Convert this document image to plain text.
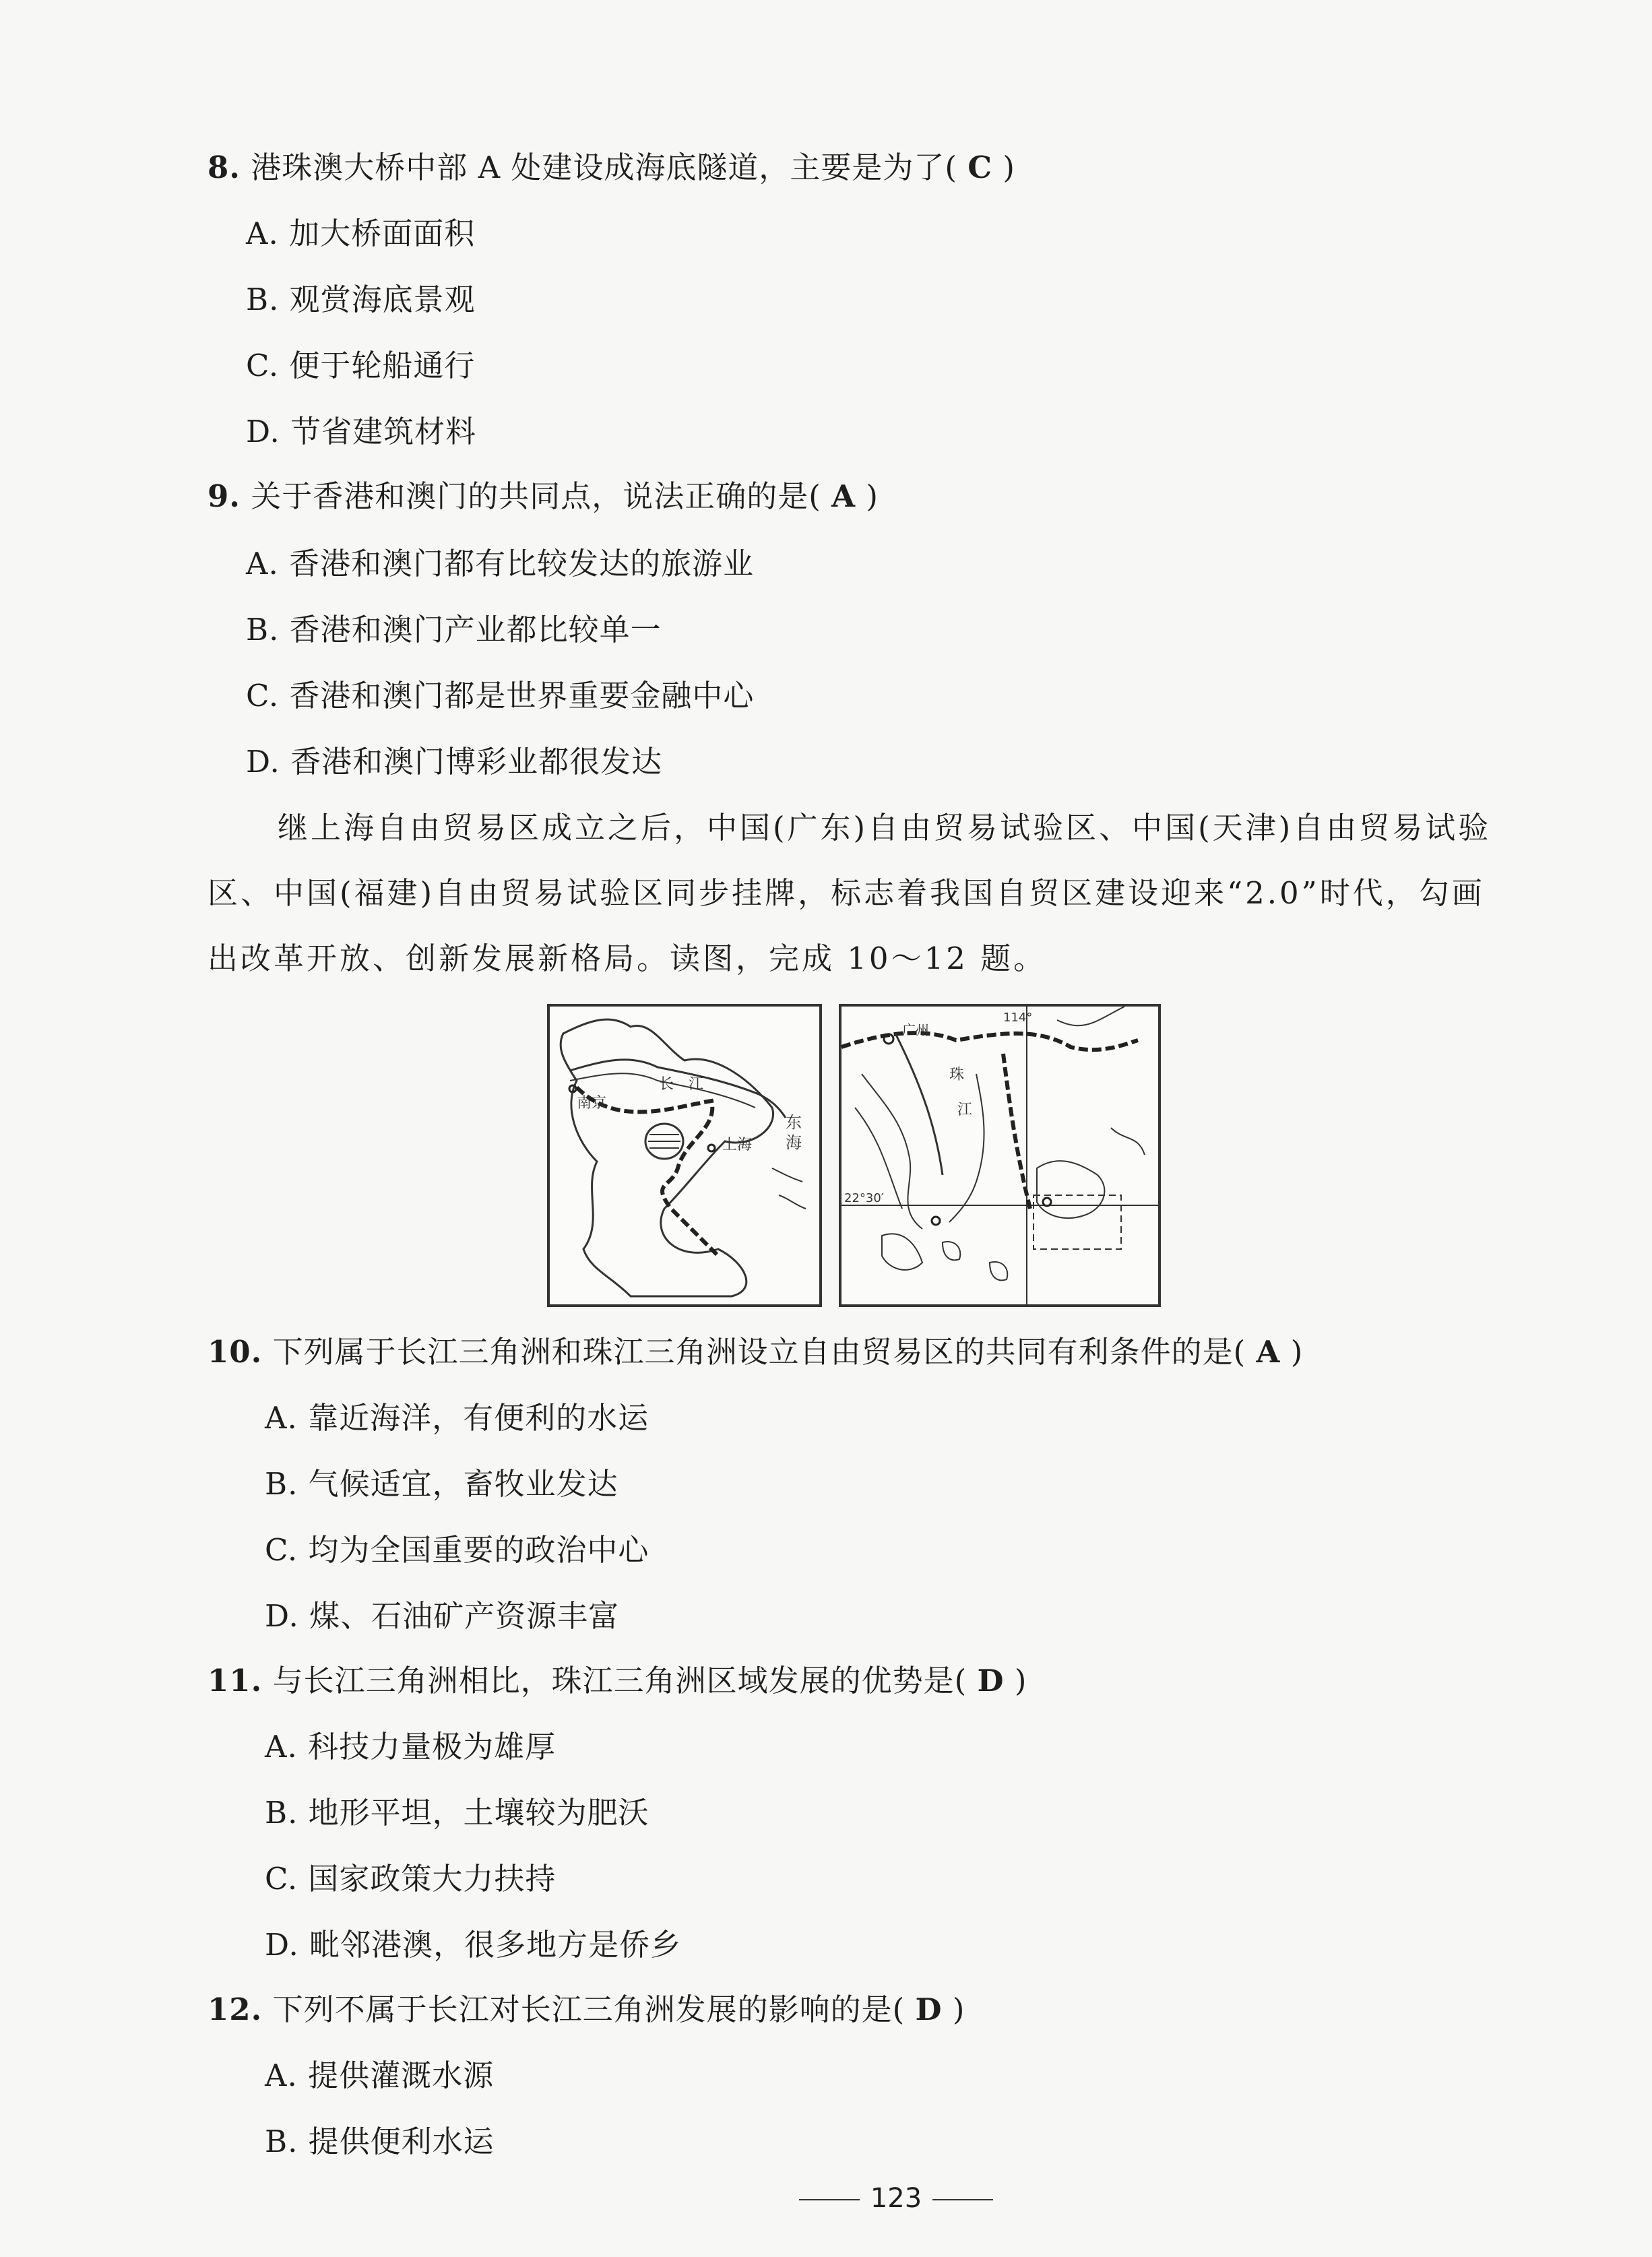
8. 港珠澳大桥中部 A 处建设成海底隧道，主要是为了( C )
A. 加大桥面面积
B. 观赏海底景观
C. 便于轮船通行
D. 节省建筑材料
9. 关于香港和澳门的共同点，说法正确的是( A )
A. 香港和澳门都有比较发达的旅游业
B. 香港和澳门产业都比较单一
C. 香港和澳门都是世界重要金融中心
D. 香港和澳门博彩业都很发达
继上海自由贸易区成立之后，中国(广东)自由贸易试验区、中国(天津)自由贸易试验区、中国(福建)自由贸易试验区同步挂牌，标志着我国自贸区建设迎来“2.0”时代，勾画出改革开放、创新发展新格局。读图，完成 10～12 题。
长　江
南京
上海
东
海
广州
珠
江
114°
22°30′
10. 下列属于长江三角洲和珠江三角洲设立自由贸易区的共同有利条件的是( A )
A. 靠近海洋，有便利的水运
B. 气候适宜，畜牧业发达
C. 均为全国重要的政治中心
D. 煤、石油矿产资源丰富
11. 与长江三角洲相比，珠江三角洲区域发展的优势是( D )
A. 科技力量极为雄厚
B. 地形平坦，土壤较为肥沃
C. 国家政策大力扶持
D. 毗邻港澳，很多地方是侨乡
12. 下列不属于长江对长江三角洲发展的影响的是( D )
A. 提供灌溉水源
B. 提供便利水运
123
